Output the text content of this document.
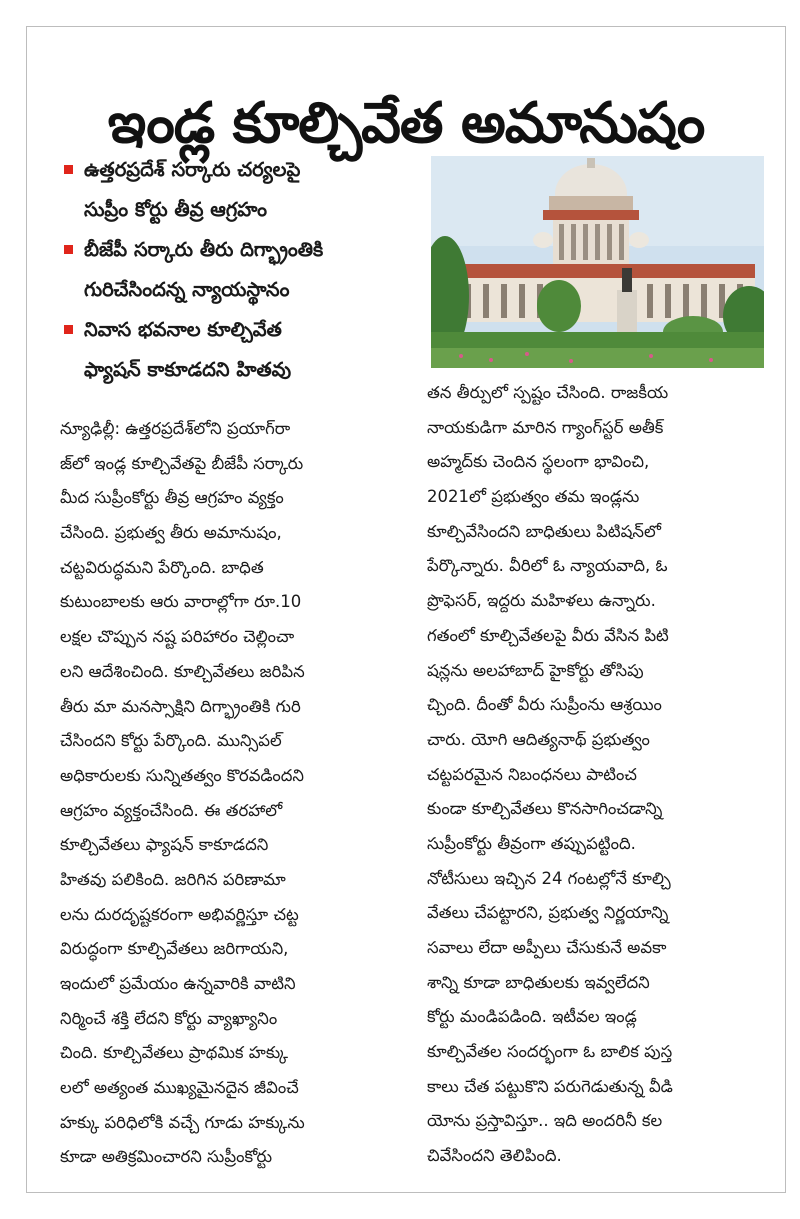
ఇండ్ల కూల్చివేత అమానుషం
ఉత్తరప్రదేశ్ సర్కారు చర్యలపై
సుప్రీం కోర్టు తీవ్ర ఆగ్రహం
బీజేపీ సర్కారు తీరు దిగ్భ్రాంతికి
గురిచేసిందన్న న్యాయస్థానం
నివాస భవనాల కూల్చివేత
ఫ్యాషన్ కాకూడదని హితవు
న్యూఢిల్లీ: ఉత్తరప్రదేశ్‌లోని ప్రయాగ్‌రా
జ్‌లో ఇండ్ల కూల్చివేతపై బీజేపీ సర్కారు
మీద సుప్రీంకోర్టు తీవ్ర ఆగ్రహం వ్యక్తం
చేసింది. ప్రభుత్వ తీరు అమానుషం,
చట్టవిరుద్ధమని పేర్కొంది. బాధిత
కుటుంబాలకు ఆరు వారాల్లోగా రూ.10
లక్షల చొప్పున నష్ట పరిహారం చెల్లించా
లని ఆదేశించింది. కూల్చివేతలు జరిపిన
తీరు మా మనస్సాక్షిని దిగ్భ్రాంతికి గురి
చేసిందని కోర్టు పేర్కొంది. మున్సిపల్
అధికారులకు సున్నితత్వం కొరవడిందని
ఆగ్రహం వ్యక్తంచేసింది. ఈ తరహాలో
కూల్చివేతలు ఫ్యాషన్ కాకూడదని
హితవు పలికింది. జరిగిన పరిణామా
లను దురదృష్టకరంగా అభివర్ణిస్తూ చట్ట
విరుద్ధంగా కూల్చివేతలు జరిగాయని,
ఇందులో ప్రమేయం ఉన్నవారికి వాటిని
నిర్మించే శక్తి లేదని కోర్టు వ్యాఖ్యానిం
చింది. కూల్చివేతలు ప్రాథమిక హక్కు
లలో అత్యంత ముఖ్యమైనదైన జీవించే
హక్కు పరిధిలోకి వచ్చే గూడు హక్కును
కూడా అతిక్రమించారని సుప్రీంకోర్టు
తన తీర్పులో స్పష్టం చేసింది. రాజకీయ
నాయకుడిగా మారిన గ్యాంగ్‌స్టర్ అతీక్
అహ్మద్‌కు చెందిన స్థలంగా భావించి,
2021లో ప్రభుత్వం తమ ఇండ్లను
కూల్చివేసిందని బాధితులు పిటిషన్‌లో
పేర్కొన్నారు. వీరిలో ఓ న్యాయవాది, ఓ
ప్రొఫెసర్, ఇద్దరు మహిళలు ఉన్నారు.
గతంలో కూల్చివేతలపై వీరు వేసిన పిటి
షన్లను అలహాబాద్ హైకోర్టు తోసిపు
చ్చింది. దీంతో వీరు సుప్రీంను ఆశ్రయిం
చారు. యోగి ఆదిత్యనాథ్ ప్రభుత్వం
చట్టపరమైన నిబంధనలు పాటించ
కుండా కూల్చివేతలు కొనసాగించడాన్ని
సుప్రీంకోర్టు తీవ్రంగా తప్పుపట్టింది.
నోటీసులు ఇచ్చిన 24 గంటల్లోనే కూల్చి
వేతలు చేపట్టారని, ప్రభుత్వ నిర్ణయాన్ని
సవాలు లేదా అప్పీలు చేసుకునే అవకా
శాన్ని కూడా బాధితులకు ఇవ్వలేదని
కోర్టు మండిపడింది. ఇటీవల ఇండ్ల
కూల్చివేతల సందర్భంగా ఓ బాలిక పుస్త
కాలు చేత పట్టుకొని పరుగెడుతున్న వీడి
యోను ప్రస్తావిస్తూ.. ఇది అందరినీ కల
చివేసిందని తెలిపింది.
